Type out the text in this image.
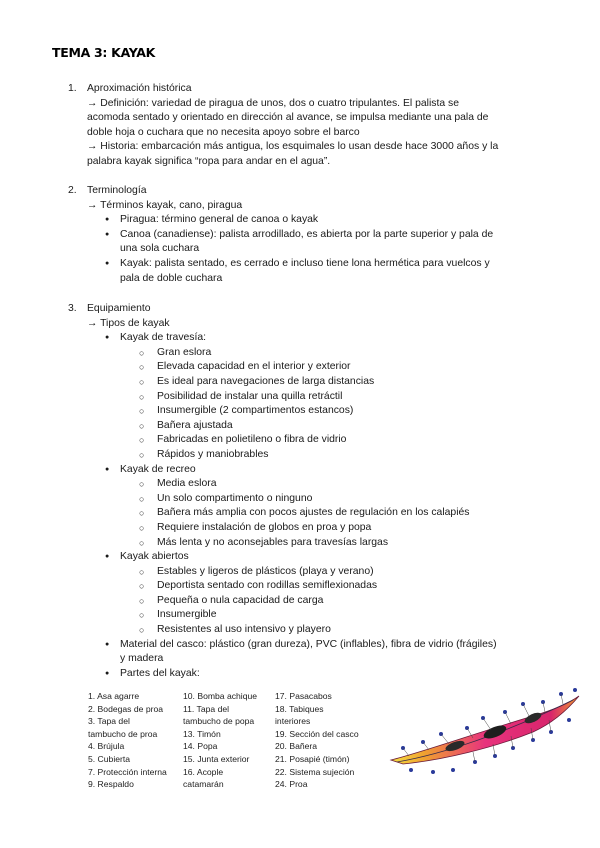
TEMA 3: KAYAK
1. Aproximación histórica
→ Definición: variedad de piragua de unos, dos o cuatro tripulantes. El palista se
acomoda sentado y orientado en dirección al avance, se impulsa mediante una pala de
doble hoja o cuchara que no necesita apoyo sobre el barco
→ Historia: embarcación más antigua, los esquimales lo usan desde hace 3000 años y la
palabra kayak significa “ropa para andar en el agua”.
2. Terminología
→ Términos kayak, cano, piragua
● Piragua: término general de canoa o kayak
● Canoa (canadiense): palista arrodillado, es abierta por la parte superior y pala de
una sola cuchara
● Kayak: palista sentado, es cerrado e incluso tiene lona hermética para vuelcos y
pala de doble cuchara
3. Equipamiento
→ Tipos de kayak
● Kayak de travesía:
○ Gran eslora
○ Elevada capacidad en el interior y exterior
○ Es ideal para navegaciones de larga distancias
○ Posibilidad de instalar una quilla retráctil
○ Insumergible (2 compartimentos estancos)
○ Bañera ajustada
○ Fabricadas en polietileno o fibra de vidrio
○ Rápidos y maniobrables
● Kayak de recreo
○ Media eslora
○ Un solo compartimento o ninguno
○ Bañera más amplia con pocos ajustes de regulación en los calapiés
○ Requiere instalación de globos en proa y popa
○ Más lenta y no aconsejables para travesías largas
● Kayak abiertos
○ Estables y ligeros de plásticos (playa y verano)
○ Deportista sentado con rodillas semiflexionadas
○ Pequeña o nula capacidad de carga
○ Insumergible
○ Resistentes al uso intensivo y playero
● Material del casco: plástico (gran dureza), PVC (inflables), fibra de vidrio (frágiles)
y madera
● Partes del kayak:
1. Asa agarre
2. Bodegas de proa
3. Tapa del
tambucho de proa
4. Brújula
5. Cubierta
7. Protección interna
9. Respaldo
10. Bomba achique
11. Tapa del
tambucho de popa
13. Timón
14. Popa
15. Junta exterior
16. Acople
catamarán
17. Pasacabos
18. Tabiques
interiores
19. Sección del casco
20. Bañera
21. Posapié (timón)
22. Sistema sujeción
24. Proa
